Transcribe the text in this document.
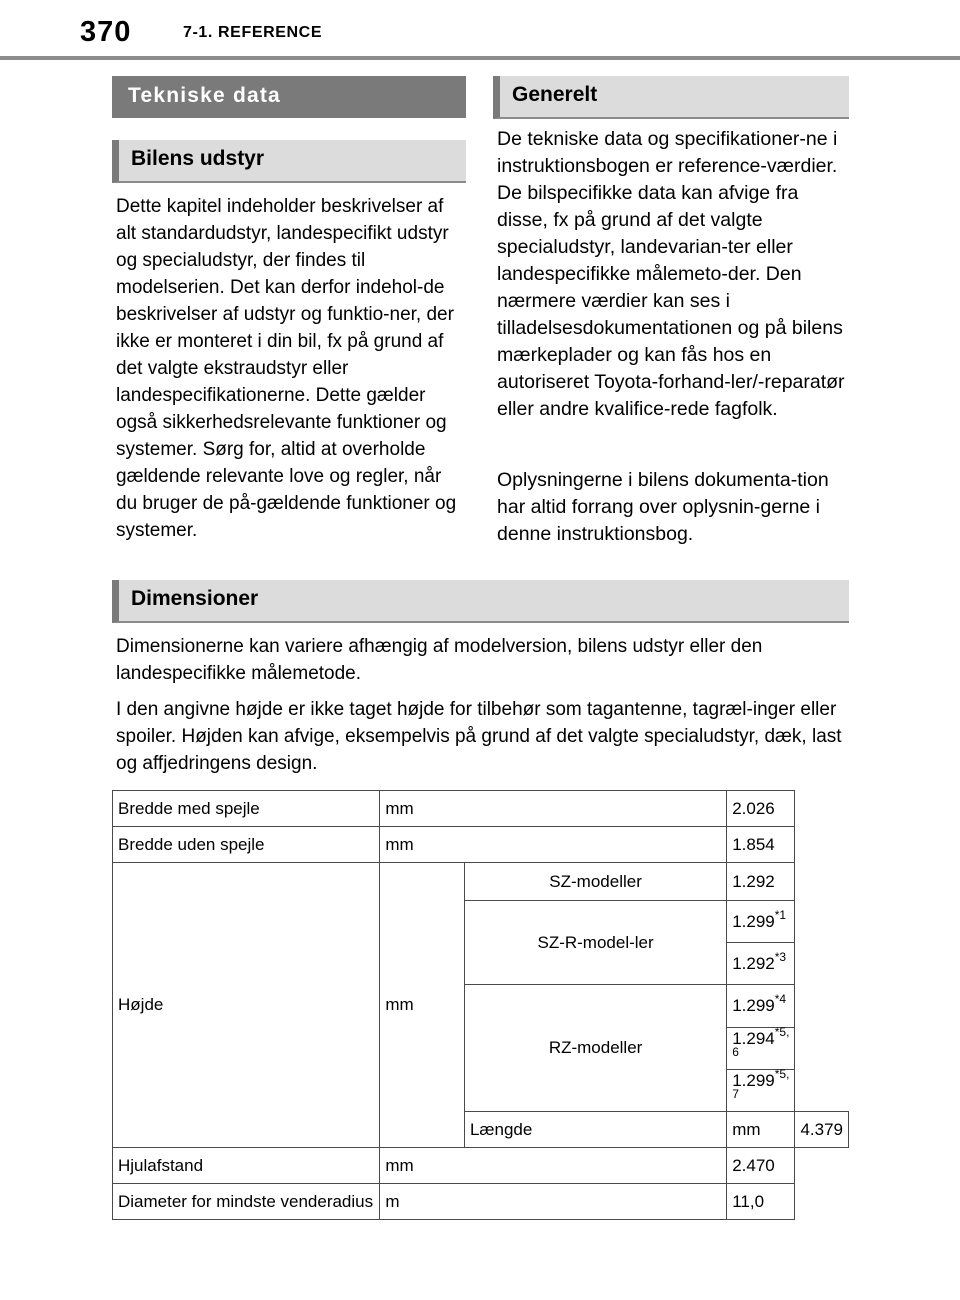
370	7-1. REFERENCE
Tekniske data
Bilens udstyr

Dette kapitel indeholder beskrivelser af alt standardudstyr, landespecifikt udstyr og specialudstyr, der findes til modelserien. Det kan derfor indehol-de beskrivelser af udstyr og funktio-ner, der ikke er monteret i din bil, fx på grund af det valgte ekstraudstyr eller landespecifikationerne. Dette gælder også sikkerhedsrelevante funktioner og systemer. Sørg for, altid at overholde gældende relevante love og regler, når du bruger de på-gældende funktioner og systemer.

Generelt

De tekniske data og specifikationer-ne i instruktionsbogen er reference-værdier. De bilspecifikke data kan afvige fra disse, fx på grund af det valgte specialudstyr, landevarian-ter eller landespecifikke målemeto-der. Den nærmere værdier kan ses i tilladelsesdokumentationen og på bilens mærkeplader og kan fås hos en autoriseret Toyota-forhand-ler/-reparatør eller andre kvalifice-rede fagfolk.

Oplysningerne i bilens dokumenta-tion har altid forrang over oplysnin-gerne i denne instruktionsbog.

Dimensioner

Dimensionerne kan variere afhængig af modelversion, bilens udstyr eller den landespecifikke målemetode.

I den angivne højde er ikke taget højde for tilbehør som tagantenne, tagræl-inger eller spoiler. Højden kan afvige, eksempelvis på grund af det valgte specialudstyr, dæk, last og affjedringens design.

Bredde med spejle	mm		2.026	
Bredde uden spejle	mm		1.854	
Højde	mm	SZ-modeller	1.292	
		SZ-R-model-ler	1.299$^{*1}$
			1.292$^{*3}$
		RZ-modeller	1.299$^{*4}$
			1.294$^{*5, 6}$
			1.299$^{*5, 7}$
		Længde	mm	4.379
Hjulafstand	mm		2.470	
Diameter for mindste venderadius	m		11,0	
